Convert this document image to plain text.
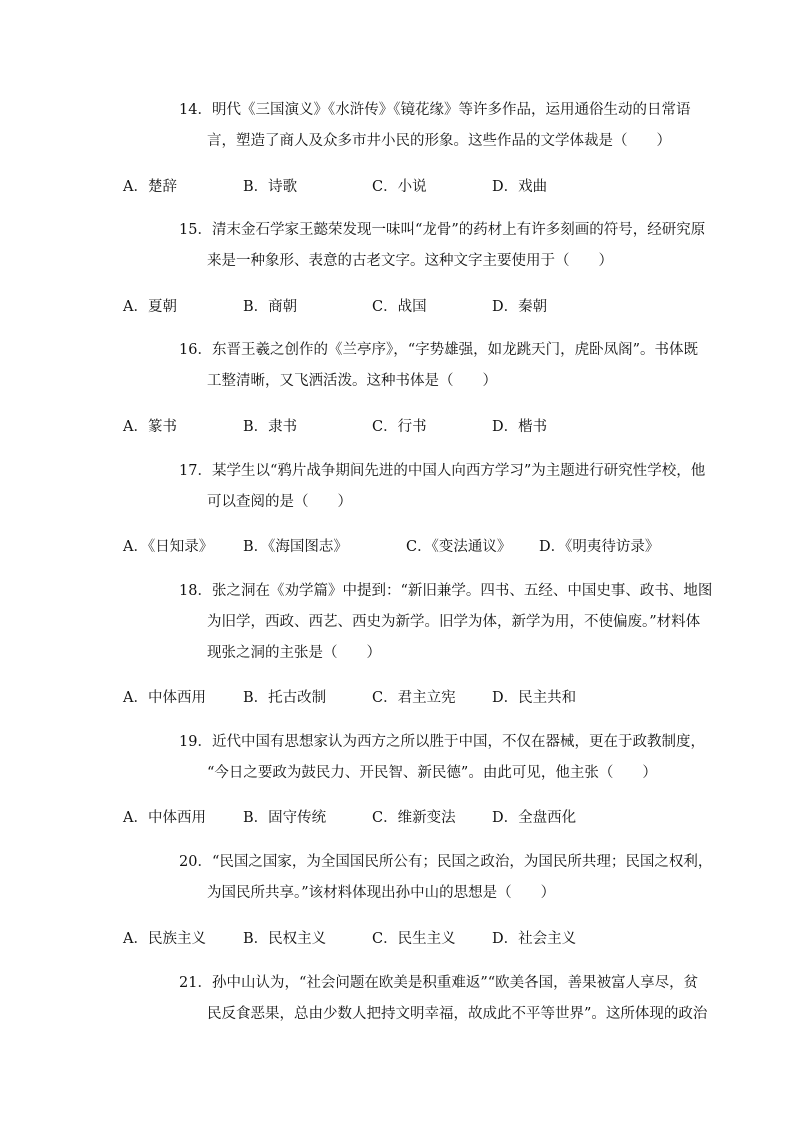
14．明代《三国演义》《水浒传》《镜花缘》等许多作品，运用通俗生动的日常语
言，塑造了商人及众多市井小民的形象。这些作品的文学体裁是（　　）
A．楚辞	B．诗歌	C．小说	D．戏曲
15．清末金石学家王懿荣发现一味叫“龙骨”的药材上有许多刻画的符号，经研究原
来是一种象形、表意的古老文字。这种文字主要使用于（　　）
A．夏朝	B．商朝	C．战国	D．秦朝
16．东晋王羲之创作的《兰亭序》，“字势雄强，如龙跳天门，虎卧凤阁”。书体既
工整清晰，又飞洒活泼。这种书体是（　　）
A．篆书	B．隶书	C．行书	D．楷书
17．某学生以“鸦片战争期间先进的中国人向西方学习”为主题进行研究性学校，他
可以查阅的是（　　）
A．《日知录》 B．《海国图志》	C．《变法通议》 D．《明夷待访录》
18．张之洞在《劝学篇》中提到：“新旧兼学。四书、五经、中国史事、政书、地图
为旧学，西政、西艺、西史为新学。旧学为体，新学为用，不使偏废。”材料体
现张之洞的主张是（　　）
A．中体西用	B．托古改制	C．君主立宪	D．民主共和
19．近代中国有思想家认为西方之所以胜于中国，不仅在器械，更在于政教制度，
“今日之要政为鼓民力、开民智、新民德”。由此可见，他主张（　　）
A．中体西用	B．固守传统	C．维新变法	D．全盘西化
20．“民国之国家，为全国国民所公有；民国之政治，为国民所共理；民国之权利，
为国民所共享。”该材料体现出孙中山的思想是（　　）
A．民族主义	B．民权主义	C．民生主义	D．社会主义
21．孙中山认为，“社会问题在欧美是积重难返”“欧美各国，善果被富人享尽，贫
民反食恶果，总由少数人把持文明幸福，故成此不平等世界”。这所体现的政治
